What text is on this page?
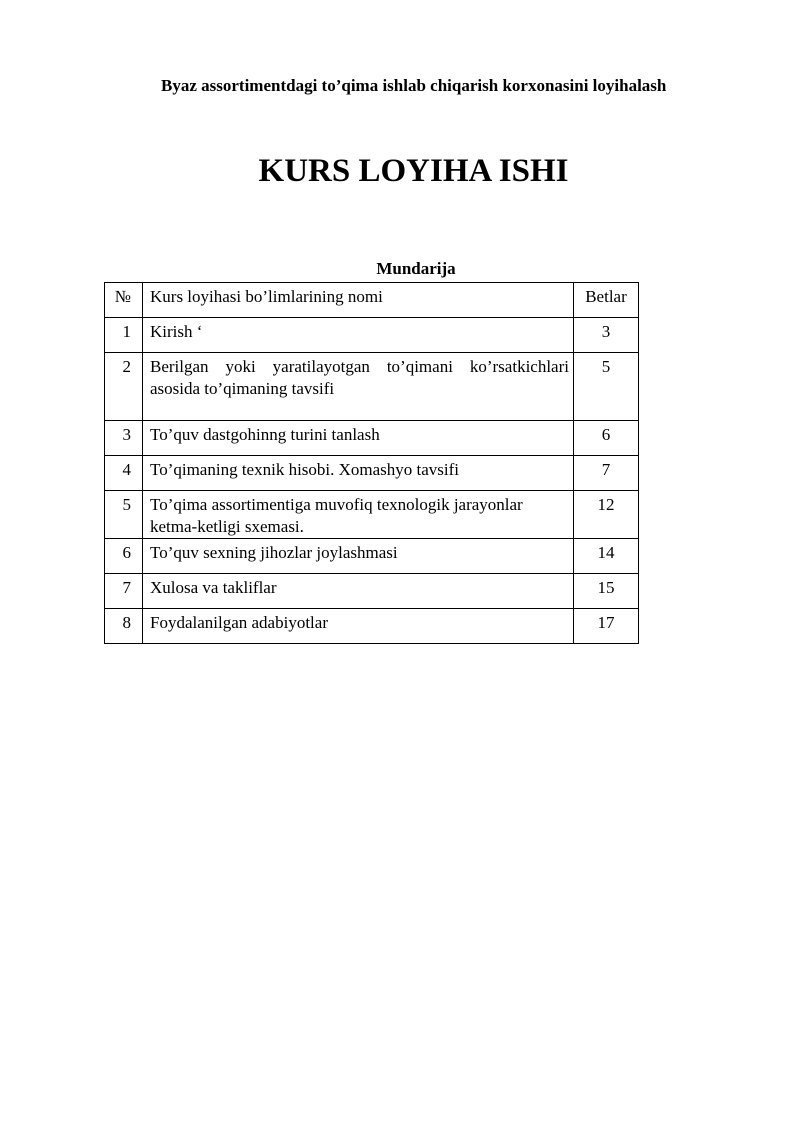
Byaz assortimentdagi to’qima ishlab chiqarish korxonasini loyihalash
KURS LOYIHA ISHI
Mundarija
№	Kurs loyihasi bo’limlarining nomi	Betlar
1	Kirish ‘	3
2	Berilgan yoki yaratilayotgan to’qimani ko’rsatkichlari asosida to’qimaning tavsifi	5
3	To’quv dastgohinng turini tanlash	6
4	To’qimaning texnik hisobi. Xomashyo tavsifi	7
5	To’qima assortimentiga muvofiq texnologik jarayonlar ketma-ketligi sxemasi.	12
6	To’quv sexning jihozlar joylashmasi	14
7	Xulosa va takliflar	15
8	Foydalanilgan adabiyotlar	17
